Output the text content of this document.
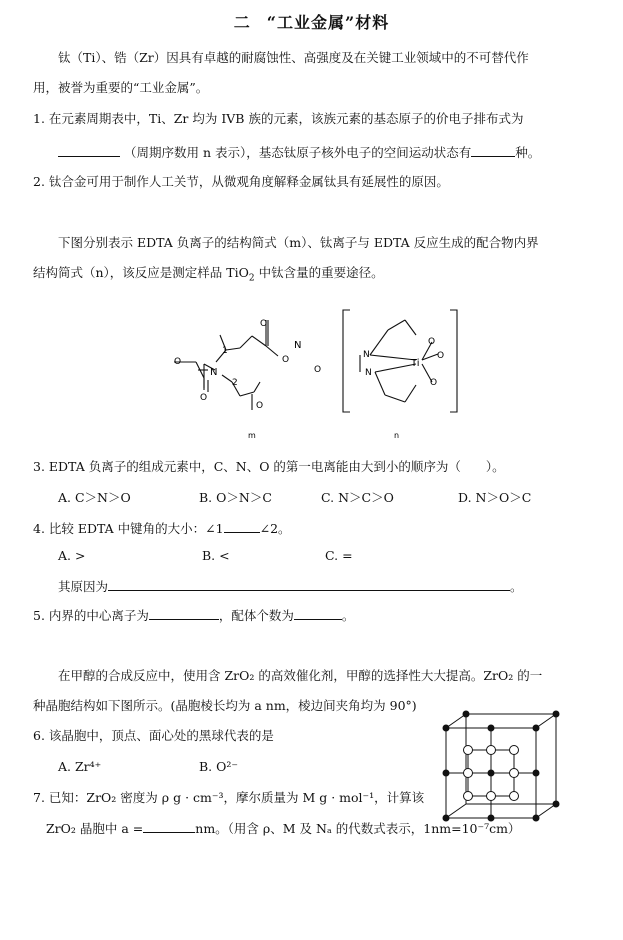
二 “工业金属”材料
钛（Ti）、锆（Zr）因具有卓越的耐腐蚀性、高强度及在关键工业领域中的不可替代作
用，被誉为重要的“工业金属”。
1. 在元素周期表中，Ti、Zr 均为 IVB 族的元素，该族元素的基态原子的价电子排布式为
（周期序数用 n 表示），基态钛原子核外电子的空间运动状态有	种。
2. 钛合金可用于制作人工关节，从微观角度解释金属钛具有延展性的原因。
下图分别表示 EDTA 负离子的结构简式（m）、钛离子与 EDTA 反应生成的配合物内界
结构简式（n），该反应是测定样品 TiO$_2$ 中钛含量的重要途径。
N
N
1
2
O
O
O
O
O
O
N
N
Ti
O
O
O
m	n
3. EDTA 负离子的组成元素中，C、N、O 的第一电离能由大到小的顺序为（　　）。
A. C＞N＞O	B. O＞N＞C	C. N＞C＞O	D. N＞O＞C
4. 比较 EDTA 中键角的大小：∠1	∠2。
A. >	B. <	C. =
其原因为	。
5. 内界的中心离子为	，配体个数为	。
在甲醇的合成反应中，使用含 ZrO₂ 的高效催化剂，甲醇的选择性大大提高。ZrO₂ 的一
种晶胞结构如下图所示。(晶胞棱长均为 a nm，棱边间夹角均为 90°)
6. 该晶胞中，顶点、面心处的黑球代表的是
A. Zr⁴⁺	B. O²⁻
7. 已知：ZrO₂ 密度为 ρ g · cm⁻³，摩尔质量为 M g · mol⁻¹，计算该
ZrO₂ 晶胞中 a =	nm。（用含 ρ、M 及 Nₐ 的代数式表示，1nm=10⁻⁷cm）
